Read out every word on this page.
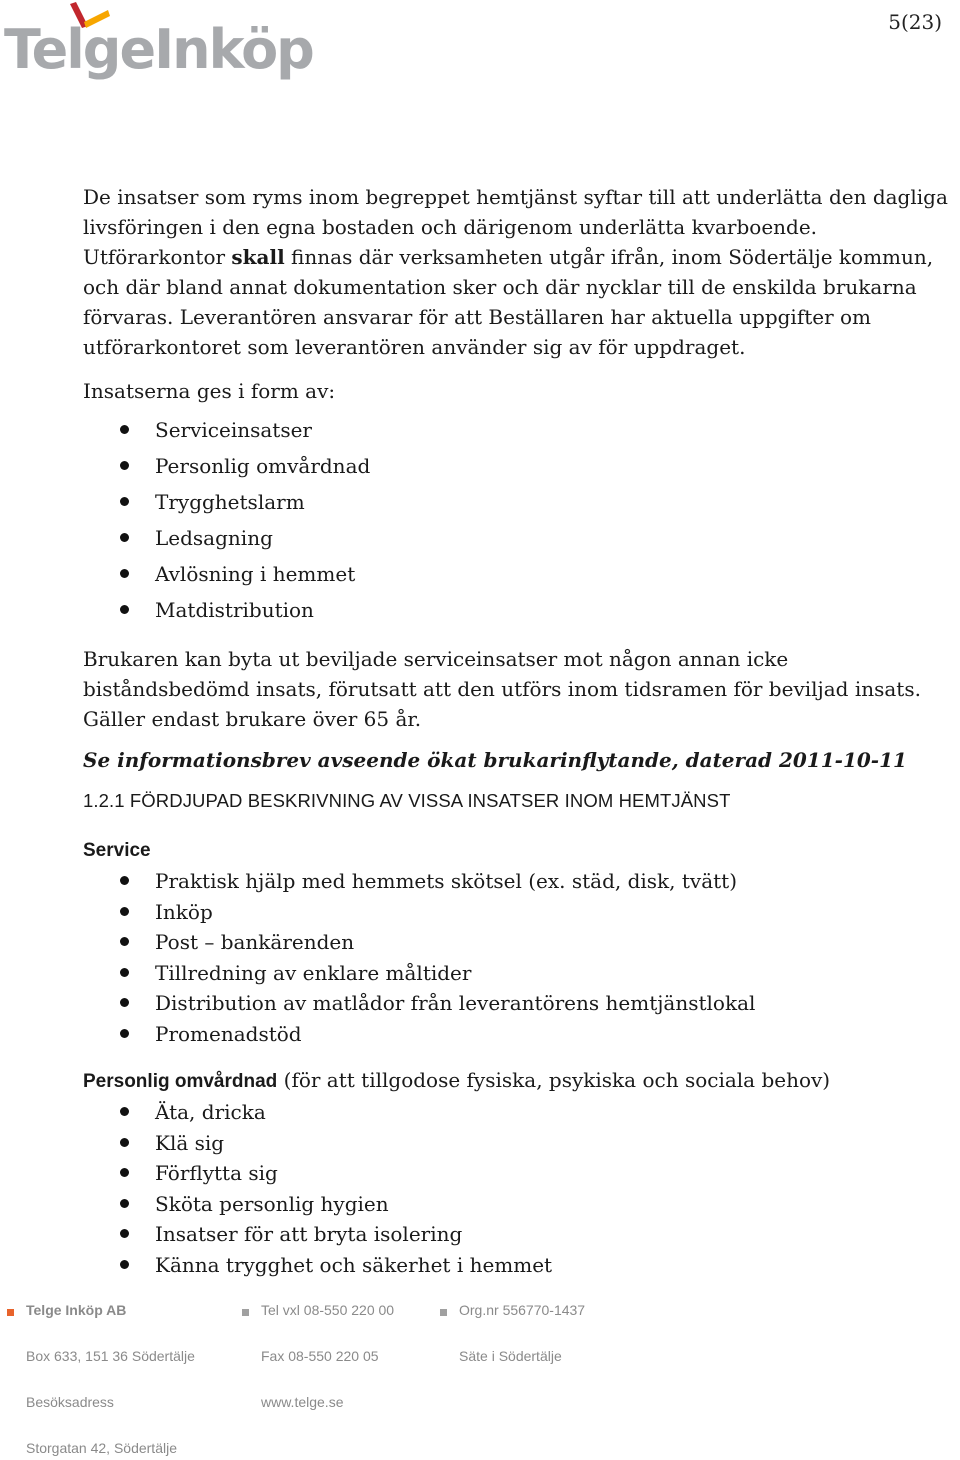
TelgeInköp	5(23)

De insatser som ryms inom begreppet hemtjänst syftar till att underlätta den dagliga livsföringen i den egna bostaden och därigenom underlätta kvarboende. Utförarkontor skall finnas där verksamheten utgår ifrån, inom Södertälje kommun, och där bland annat dokumentation sker och där nycklar till de enskilda brukarna förvaras. Leverantören ansvarar för att Beställaren har aktuella uppgifter om utförarkontoret som leverantören använder sig av för uppdraget.

Insatserna ges i form av:

Serviceinsatser
Personlig omvårdnad
Trygghetslarm
Ledsagning
Avlösning i hemmet
Matdistribution

Brukaren kan byta ut beviljade serviceinsatser mot någon annan icke biståndsbedömd insats, förutsatt att den utförs inom tidsramen för beviljad insats. Gäller endast brukare över 65 år.

Se informationsbrev avseende ökat brukarinflytande, daterad 2011-10-11

1.2.1 FÖRDJUPAD BESKRIVNING AV VISSA INSATSER INOM HEMTJÄNST

Service

Praktisk hjälp med hemmets skötsel (ex. städ, disk, tvätt)
Inköp
Post – bankärenden
Tillredning av enklare måltider
Distribution av matlådor från leverantörens hemtjänstlokal
Promenadstöd

Personlig omvårdnad (för att tillgodose fysiska, psykiska och sociala behov)

Äta, dricka
Klä sig
Förflytta sig
Sköta personlig hygien
Insatser för att bryta isolering
Känna trygghet och säkerhet i hemmet
Telge Inköp AB	Tel vxl 08-550 220 00	Org.nr 556770-1437
Box 633, 151 36 Södertälje	Fax 08-550 220 05	Säte i Södertälje
Besöksadress	www.telge.se
Storgatan 42, Södertälje
